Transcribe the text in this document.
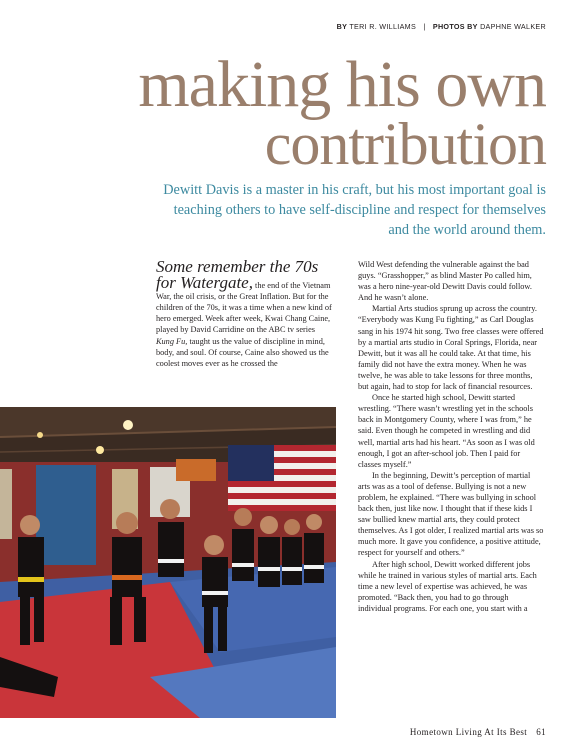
BY TERI R. WILLIAMS | PHOTOS BY DAPHNE WALKER
making his own
contribution
Dewitt Davis is a master in his craft, but his most important goal is teaching others to have self-discipline and respect for themselves and the world around them.

Some remember the 70s for Watergate, the end of the Vietnam War, the oil crisis, or the Great Inflation. But for the children of the 70s, it was a time when a new kind of hero emerged. Week after week, Kwai Chang Caine, played by David Carridine on the ABC tv series Kung Fu, taught us the value of discipline in mind, body, and soul. Of course, Caine also showed us the coolest moves ever as he crossed the

Wild West defending the vulnerable against the bad guys. “Grasshopper,” as blind Master Po called him, was a hero nine-year-old Dewitt Davis could follow. And he wasn’t alone.

Martial Arts studios sprung up across the country. “Everybody was Kung Fu fighting,” as Carl Douglas sang in his 1974 hit song. Two free classes were offered by a martial arts studio in Coral Springs, Florida, near Dewitt, but it was all he could take. At that time, his family did not have the extra money. When he was twelve, he was able to take lessons for three months, but again, had to stop for lack of financial resources.

Once he started high school, Dewitt started wrestling. “There wasn’t wrestling yet in the schools back in Montgomery County, where I was from,” he said. Even though he competed in wrestling and did well, martial arts had his heart. “As soon as I was old enough, I got an after-school job. Then I paid for classes myself.”

In the beginning, Dewitt’s perception of martial arts was as a tool of defense. Bullying is not a new problem, he explained. “There was bullying in school back then, just like now. I thought that if these kids I saw bullied knew martial arts, they could protect themselves. As I got older, I realized martial arts was so much more. It gave you confidence, a positive attitude, respect for yourself and others.”

After high school, Dewitt worked different jobs while he trained in various styles of martial arts. Each time a new level of expertise was achieved, he was promoted. “Back then, you had to go through individual programs. For each one, you start with a

Hometown Living At Its Best 61
